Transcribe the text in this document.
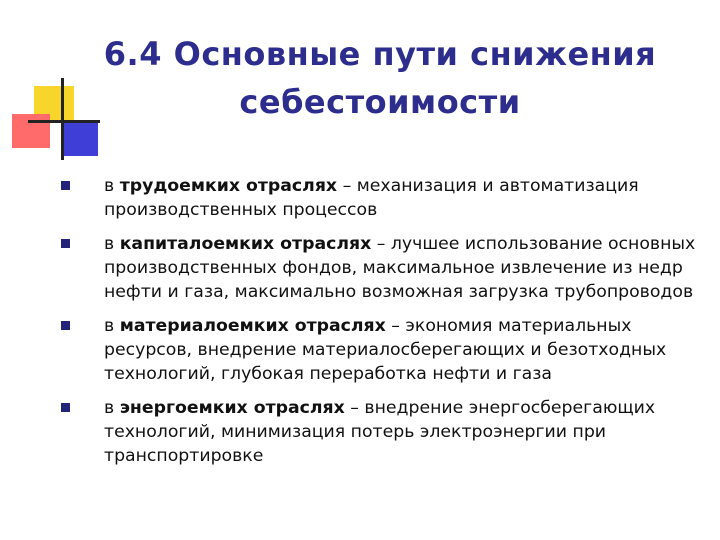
6.4 Основные пути снижения
себестоимости
в трудоемких отраслях – механизация и автоматизация производственных процессов
в капиталоемких отраслях – лучшее использование основных производственных фондов, максимальное извлечение из недр нефти и газа, максимально возможная загрузка трубопроводов
в материалоемких отраслях – экономия материальных ресурсов, внедрение материалосберегающих и безотходных технологий, глубокая переработка нефти и газа
в энергоемких отраслях – внедрение энергосберегающих технологий, минимизация потерь электроэнергии при транспортировке
